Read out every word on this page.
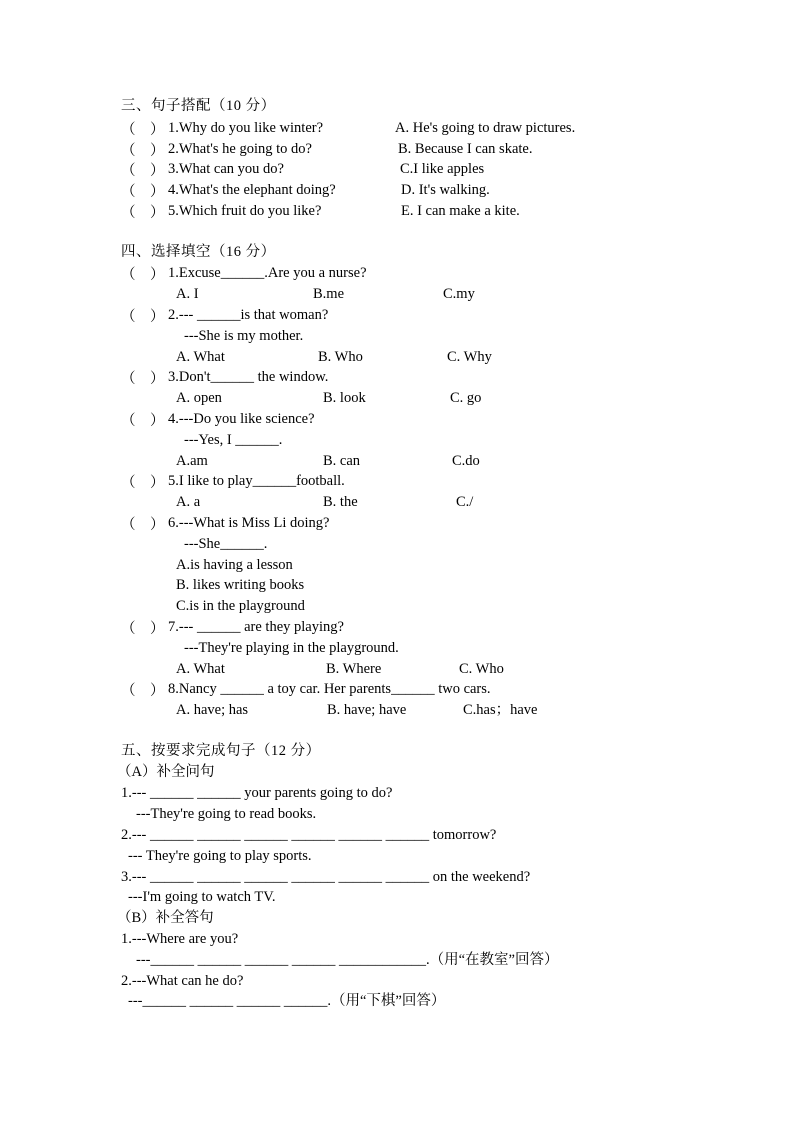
三、句子搭配（10 分）
（    ） 1.Why do you like winter?	A. He's going to draw pictures.
（    ） 2.What's he going to do?	B. Because I can skate.
（    ） 3.What can you do?	C.I like apples
（    ） 4.What's the elephant doing?	D. It's walking.
（    ） 5.Which fruit do you like?	E. I can make a kite.
四、选择填空（16 分）
（    ） 1.Excuse______.Are you a nurse?
A. I	B.me	C.my
（    ） 2.--- ______is that woman?
---She is my mother.
A. What	B. Who	C. Why
（    ） 3.Don't______ the window.
A. open	B. look	C. go
（    ） 4.---Do you like science?
---Yes, I ______.
A.am	B. can	C.do
（    ） 5.I like to play______football.
A. a	B. the	C./
（    ） 6.---What is Miss Li doing?
---She______.
A.is having a lesson
B. likes writing books
C.is in the playground
（    ） 7.--- ______ are they playing?
---They're playing in the playground.
A. What	B. Where	C. Who
（    ） 8.Nancy ______ a toy car. Her parents______ two cars.
A. have; has	B. have; have	C.has；have
五、按要求完成句子（12 分）
（A）补全问句
1.--- ______ ______ your parents going to do?
---They're going to read books.
2.--- ______ ______ ______ ______ ______ ______ tomorrow?
--- They're going to play sports.
3.--- ______ ______ ______ ______ ______ ______ on the weekend?
---I'm going to watch TV.
（B）补全答句
1.---Where are you?
---______ ______ ______ ______ ____________.（用“在教室”回答）
2.---What can he do?
---______ ______ ______ ______.（用“下棋”回答）
